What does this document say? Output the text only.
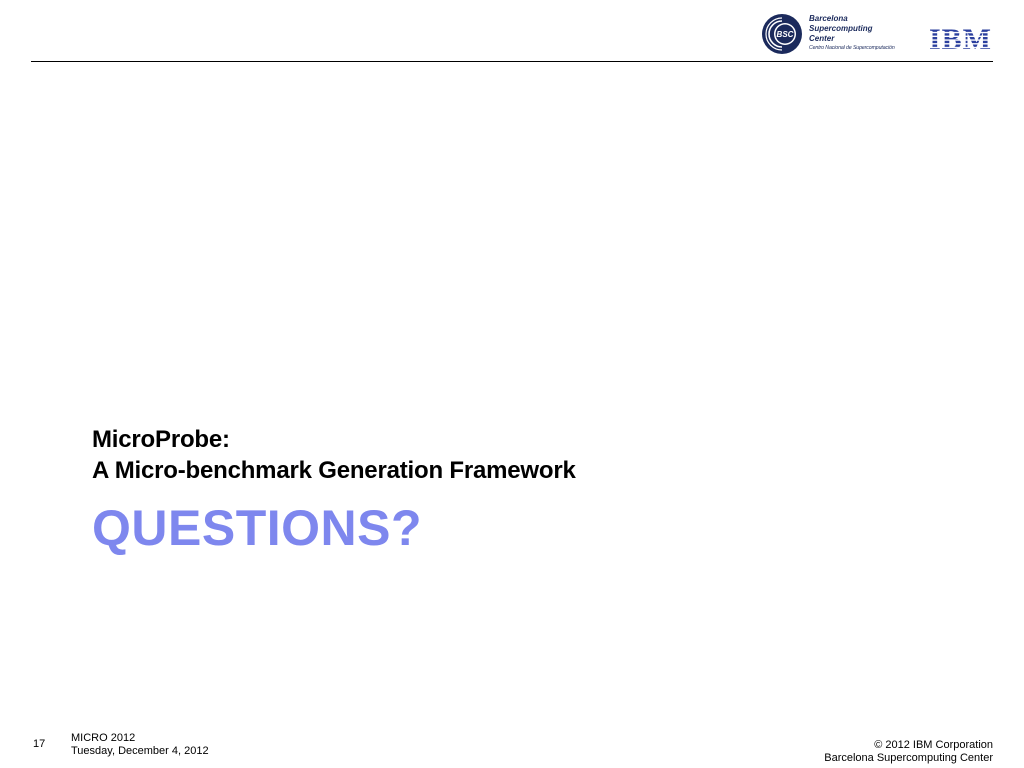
BSC
Barcelona
Supercomputing
Center
Centro Nacional de Supercomputación	IBM
MicroProbe:
A Micro-benchmark Generation Framework
QUESTIONS?
17 MICRO 2012
Tuesday, December 4, 2012	© 2012 IBM Corporation
Barcelona Supercomputing Center
